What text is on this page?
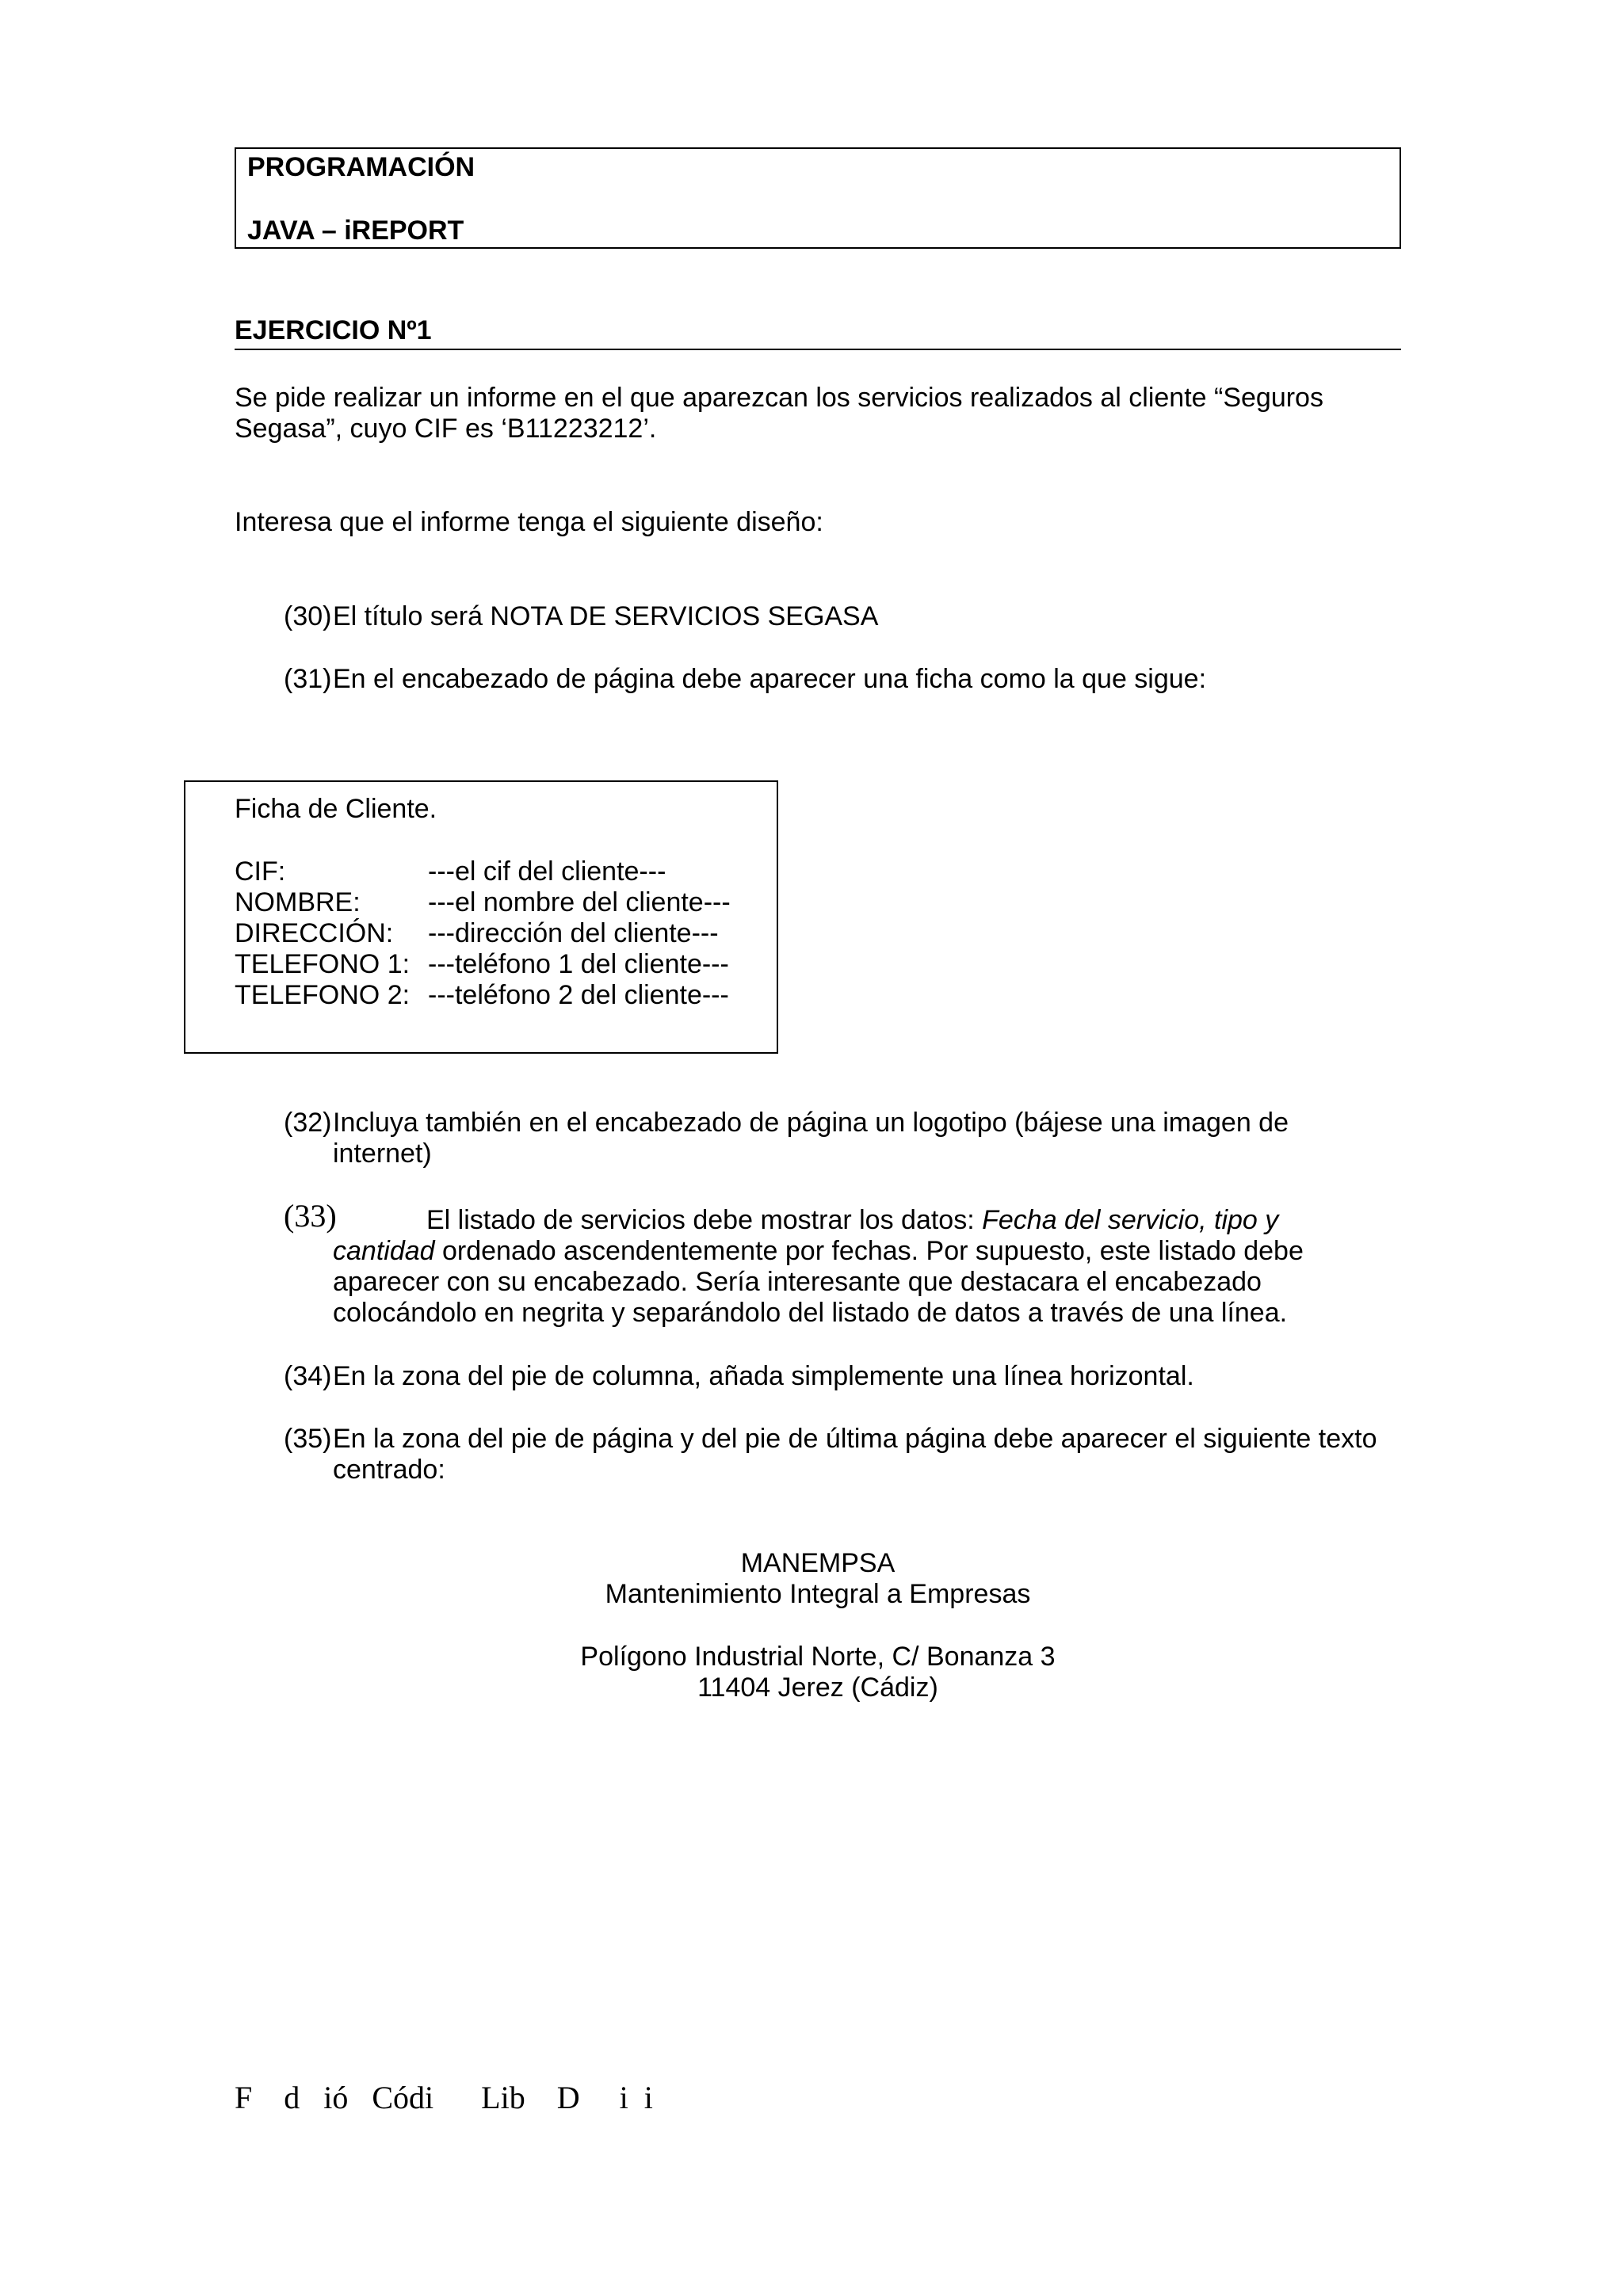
PROGRAMACIÓN
JAVA – iREPORT
EJERCICIO Nº1
Se pide realizar un informe en el que aparezcan los servicios realizados al cliente “Seguros
Segasa”, cuyo CIF es ‘B11223212’.
Interesa que el informe tenga el siguiente diseño:
(30) El título será NOTA DE SERVICIOS SEGASA
(31) En el encabezado de página debe aparecer una ficha como la que sigue:
Ficha de Cliente.
CIF:	---el cif del cliente---
NOMBRE:	---el nombre del cliente---
DIRECCIÓN: ---dirección del cliente---
TELEFONO 1: ---teléfono 1 del cliente---
TELEFONO 2: ---teléfono 2 del cliente---
(32) Incluya también en el encabezado de página un logotipo (bájese una imagen de
internet)
(33)	El listado de servicios debe mostrar los datos: Fecha del servicio, tipo y
cantidad ordenado ascendentemente por fechas. Por supuesto, este listado debe
aparecer con su encabezado. Sería interesante que destacara el encabezado
colocándolo en negrita y separándolo del listado de datos a través de una línea.
(34) En la zona del pie de columna, añada simplemente una línea horizontal.
(35) En la zona del pie de página y del pie de última página debe aparecer el siguiente texto
centrado:
MANEMPSA
Mantenimiento Integral a Empresas
Polígono Industrial Norte, C/ Bonanza 3
11404 Jerez (Cádiz)
F    d   ió   Códi      Lib    D     i  i
